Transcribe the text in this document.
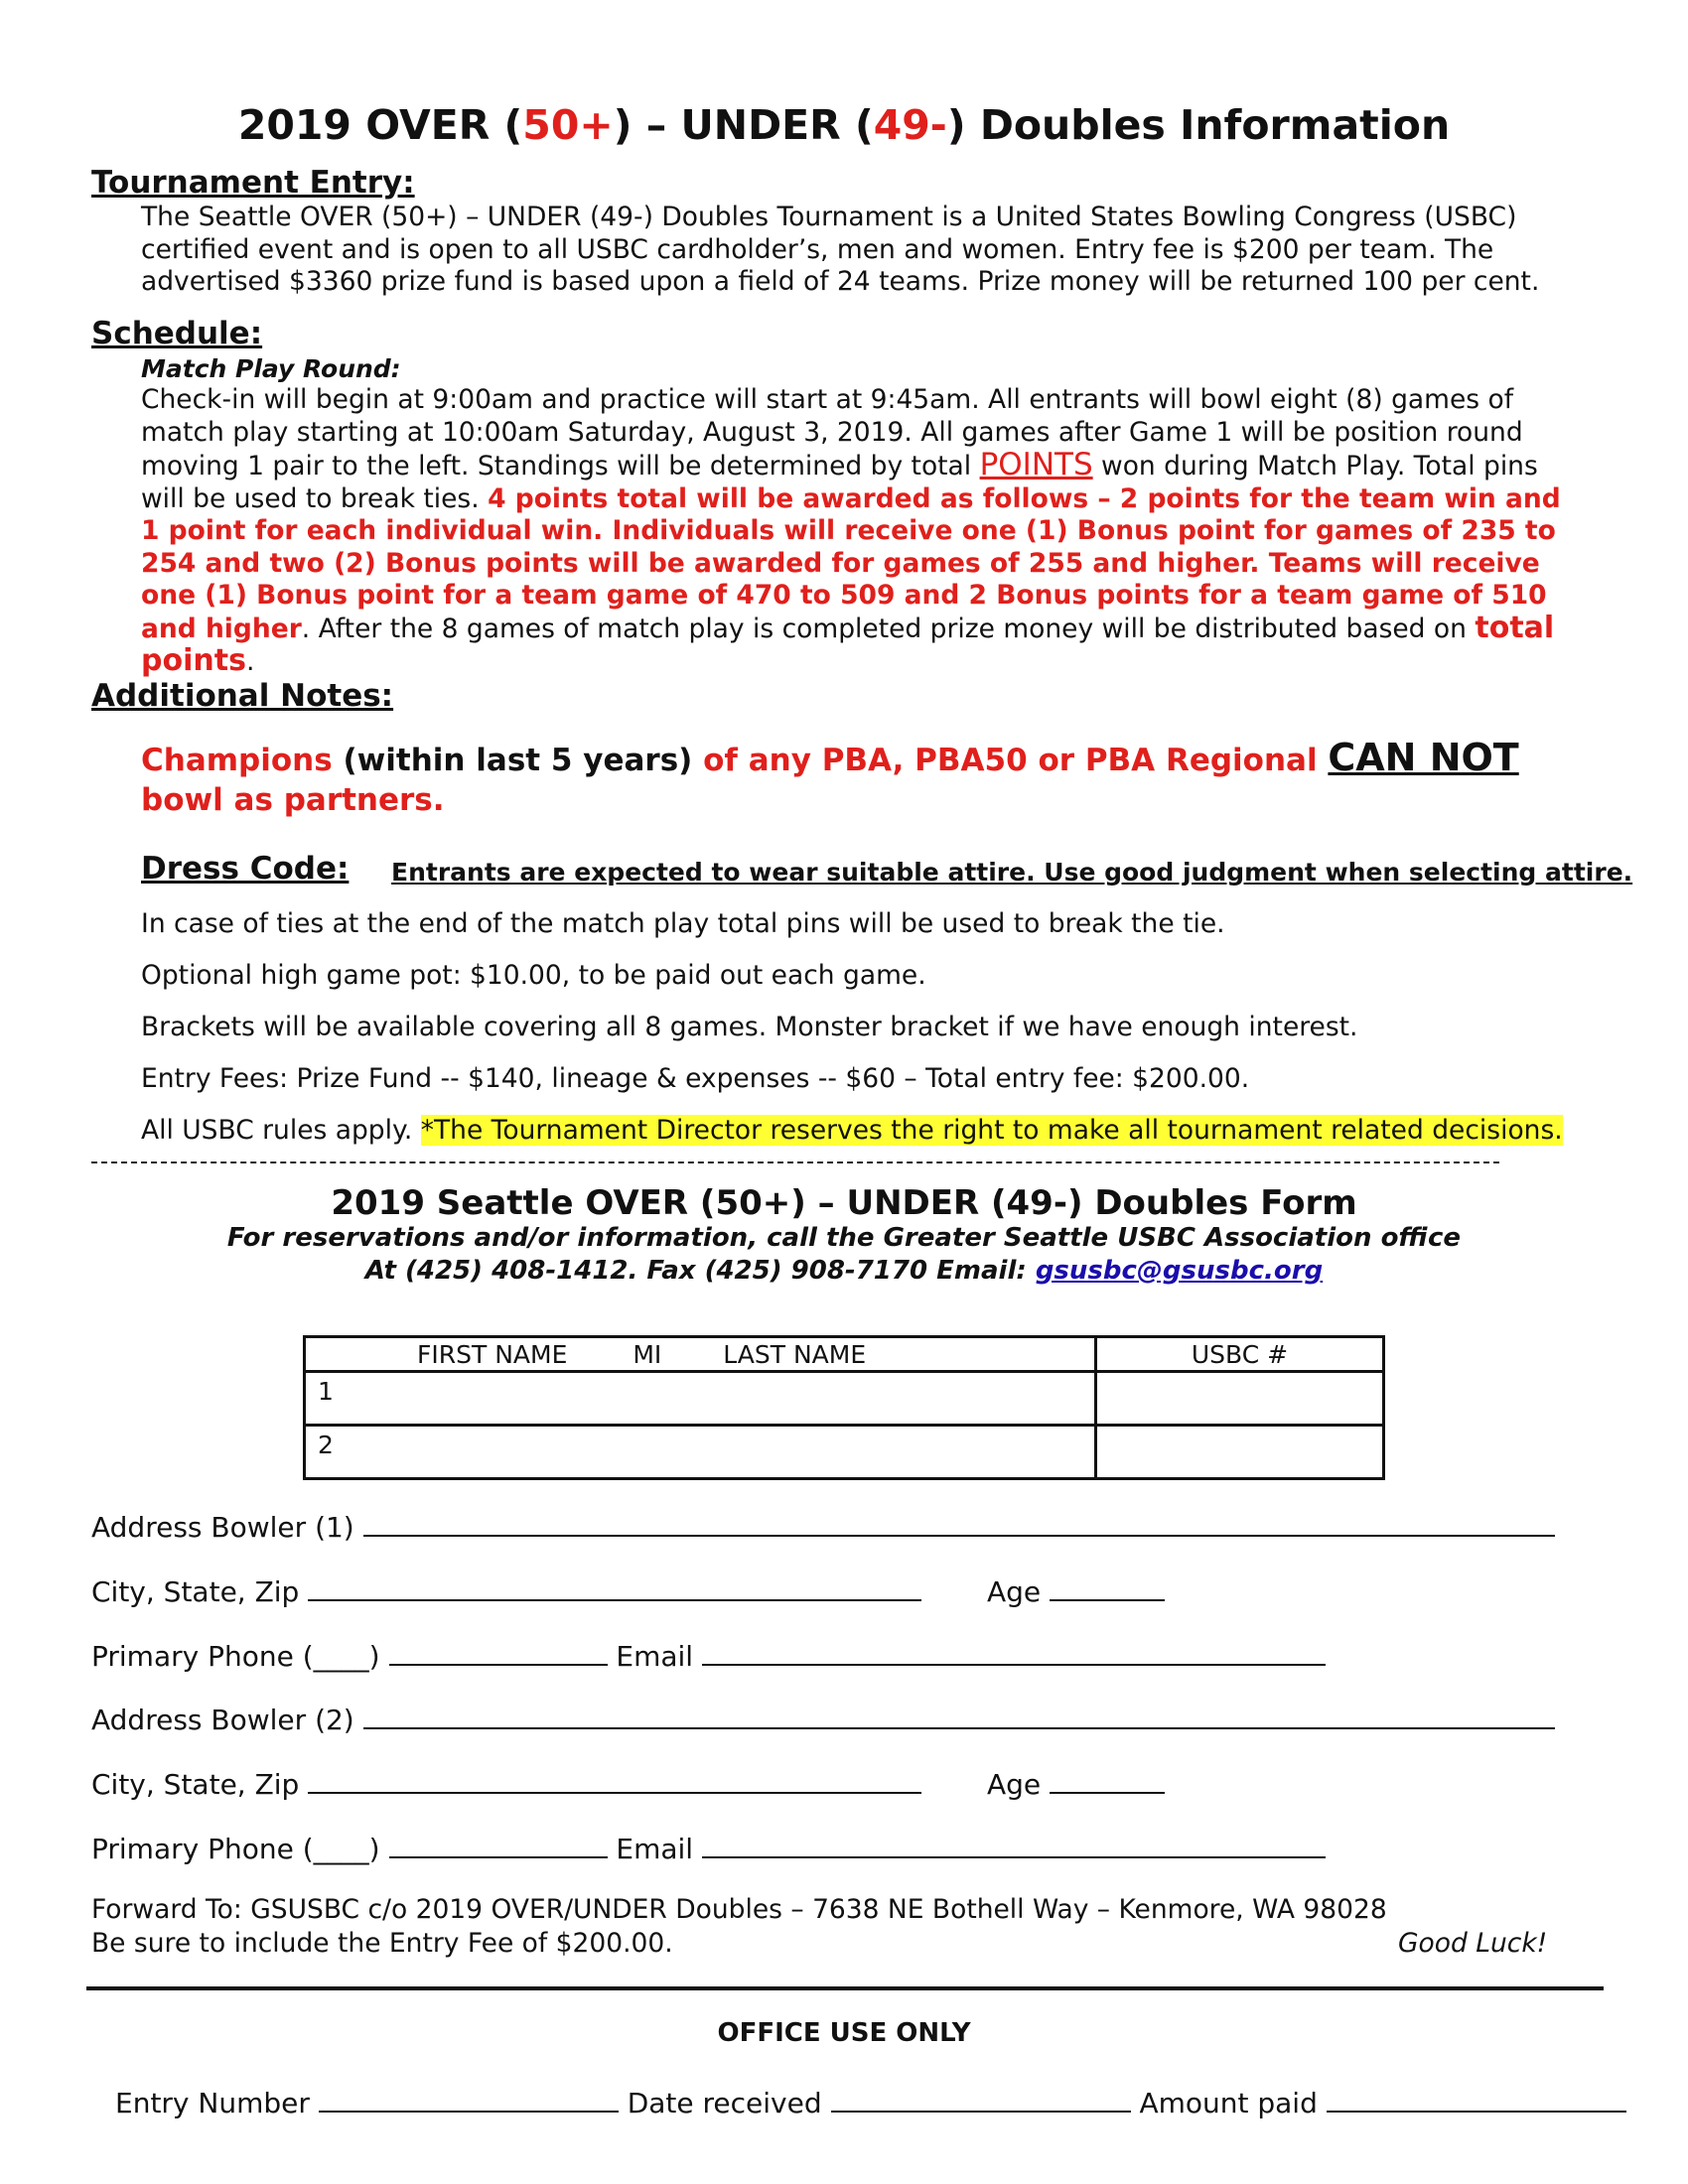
2019 OVER (50+) – UNDER (49-) Doubles Information
Tournament Entry:
The Seattle OVER (50+) – UNDER (49-) Doubles Tournament is a United States Bowling Congress (USBC) certified event and is open to all USBC cardholder’s, men and women. Entry fee is $200 per team. The advertised $3360 prize fund is based upon a field of 24 teams. Prize money will be returned 100 per cent.
Schedule:
Match Play Round:
Check-in will begin at 9:00am and practice will start at 9:45am. All entrants will bowl eight (8) games of match play starting at 10:00am Saturday, August 3, 2019. All games after Game 1 will be position round moving 1 pair to the left. Standings will be determined by total POINTS won during Match Play. Total pins will be used to break ties. 4 points total will be awarded as follows – 2 points for the team win and 1 point for each individual win. Individuals will receive one (1) Bonus point for games of 235 to 254 and two (2) Bonus points will be awarded for games of 255 and higher. Teams will receive one (1) Bonus point for a team game of 470 to 509 and 2 Bonus points for a team game of 510 and higher. After the 8 games of match play is completed prize money will be distributed based on total points.
Additional Notes:
Champions (within last 5 years) of any PBA, PBA50 or PBA Regional CAN NOT
bowl as partners.
Dress Code: Entrants are expected to wear suitable attire. Use good judgment when selecting attire.
In case of ties at the end of the match play total pins will be used to break the tie.
Optional high game pot: $10.00, to be paid out each game.
Brackets will be available covering all 8 games. Monster bracket if we have enough interest.
Entry Fees: Prize Fund -- $140, lineage & expenses -- $60 – Total entry fee: $200.00.
All USBC rules apply. *The Tournament Director reserves the right to make all tournament related decisions.
2019 Seattle OVER (50+) – UNDER (49-) Doubles Form
For reservations and/or information, call the Greater Seattle USBC Association office
At (425) 408-1412. Fax (425) 908-7170 Email: gsusbc@gsusbc.org
FIRST NAME MI LAST NAME	USBC #
1	
2	
Address Bowler (1)
City, State, Zip	Age
Primary Phone (____)	Email
Address Bowler (2)
City, State, Zip	Age
Primary Phone (____)	Email
Forward To: GSUSBC c/o 2019 OVER/UNDER Doubles – 7638 NE Bothell Way – Kenmore, WA 98028
Be sure to include the Entry Fee of $200.00.	Good Luck!
OFFICE USE ONLY
Entry Number	Date received	Amount paid
